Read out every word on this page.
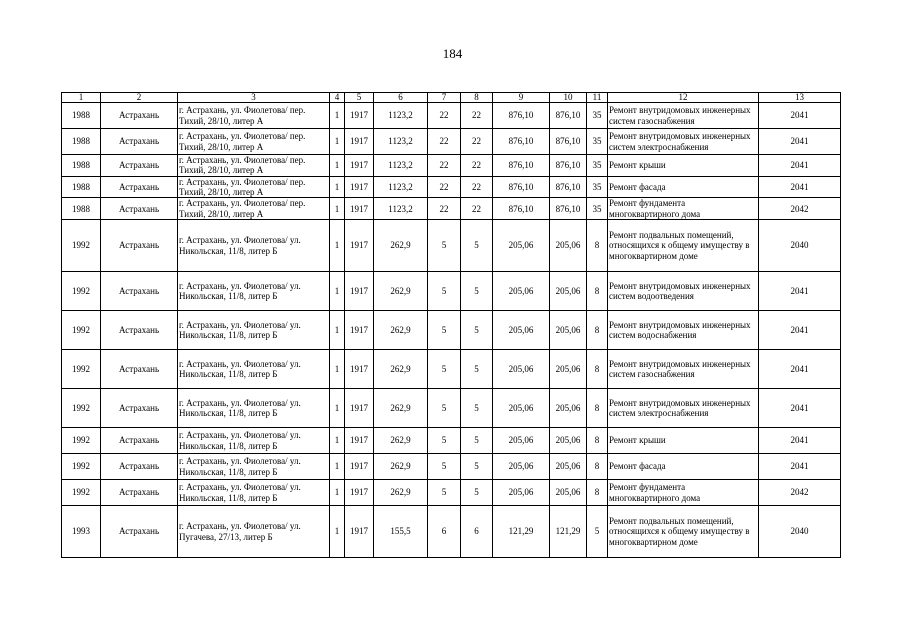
184
1	2	3	4	5	6	7	8	9	10	11	12	13
1988	Астрахань	г. Астрахань, ул. Фиолетова/ пер. Тихий, 28/10, литер А	1	1917	1123,2	22	22	876,10	876,10	35	Ремонт внутридомовых инженерных систем газоснабжения	2041
1988	Астрахань	г. Астрахань, ул. Фиолетова/ пер. Тихий, 28/10, литер А	1	1917	1123,2	22	22	876,10	876,10	35	Ремонт внутридомовых инженерных систем электроснабжения	2041
1988	Астрахань	г. Астрахань, ул. Фиолетова/ пер. Тихий, 28/10, литер А	1	1917	1123,2	22	22	876,10	876,10	35	Ремонт крыши	2041
1988	Астрахань	г. Астрахань, ул. Фиолетова/ пер. Тихий, 28/10, литер А	1	1917	1123,2	22	22	876,10	876,10	35	Ремонт фасада	2041
1988	Астрахань	г. Астрахань, ул. Фиолетова/ пер. Тихий, 28/10, литер А	1	1917	1123,2	22	22	876,10	876,10	35	Ремонт фундамента многоквартирного дома	2042
1992	Астрахань	г. Астрахань, ул. Фиолетова/ ул. Никольская, 11/8, литер Б	1	1917	262,9	5	5	205,06	205,06	8	Ремонт подвальных помещений, относящихся к общему имуществу в многоквартирном доме	2040
1992	Астрахань	г. Астрахань, ул. Фиолетова/ ул. Никольская, 11/8, литер Б	1	1917	262,9	5	5	205,06	205,06	8	Ремонт внутридомовых инженерных систем водоотведения	2041
1992	Астрахань	г. Астрахань, ул. Фиолетова/ ул. Никольская, 11/8, литер Б	1	1917	262,9	5	5	205,06	205,06	8	Ремонт внутридомовых инженерных систем водоснабжения	2041
1992	Астрахань	г. Астрахань, ул. Фиолетова/ ул. Никольская, 11/8, литер Б	1	1917	262,9	5	5	205,06	205,06	8	Ремонт внутридомовых инженерных систем газоснабжения	2041
1992	Астрахань	г. Астрахань, ул. Фиолетова/ ул. Никольская, 11/8, литер Б	1	1917	262,9	5	5	205,06	205,06	8	Ремонт внутридомовых инженерных систем электроснабжения	2041
1992	Астрахань	г. Астрахань, ул. Фиолетова/ ул. Никольская, 11/8, литер Б	1	1917	262,9	5	5	205,06	205,06	8	Ремонт крыши	2041
1992	Астрахань	г. Астрахань, ул. Фиолетова/ ул. Никольская, 11/8, литер Б	1	1917	262,9	5	5	205,06	205,06	8	Ремонт фасада	2041
1992	Астрахань	г. Астрахань, ул. Фиолетова/ ул. Никольская, 11/8, литер Б	1	1917	262,9	5	5	205,06	205,06	8	Ремонт фундамента многоквартирного дома	2042
1993	Астрахань	г. Астрахань, ул. Фиолетова/ ул. Пугачева, 27/13, литер Б	1	1917	155,5	6	6	121,29	121,29	5	Ремонт подвальных помещений, относящихся к общему имуществу в многоквартирном доме	2040
